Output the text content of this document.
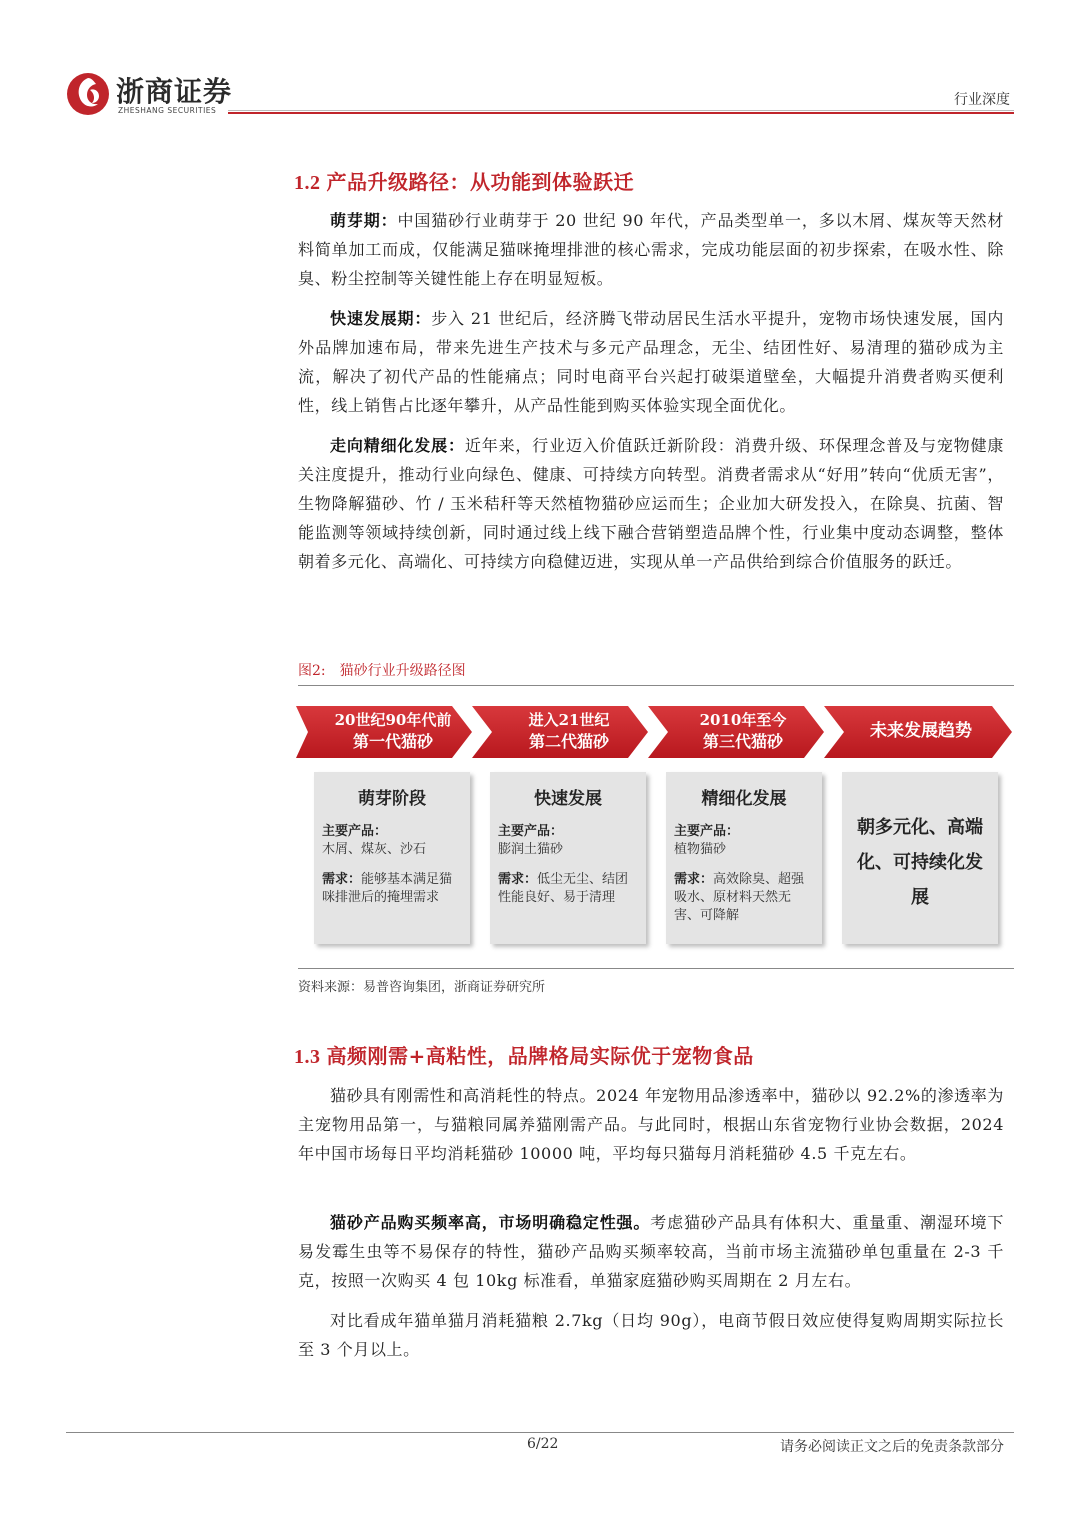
浙商证券
ZHESHANG SECURITIES
行业深度
1.2 产品升级路径：从功能到体验跃迁

萌芽期：中国猫砂行业萌芽于 20 世纪 90 年代，产品类型单一，多以木屑、煤灰等天然材料简单加工而成，仅能满足猫咪掩埋排泄的核心需求，完成功能层面的初步探索，在吸水性、除臭、粉尘控制等关键性能上存在明显短板。

快速发展期：步入 21 世纪后，经济腾飞带动居民生活水平提升，宠物市场快速发展，国内外品牌加速布局，带来先进生产技术与多元产品理念，无尘、结团性好、易清理的猫砂成为主流，解决了初代产品的性能痛点；同时电商平台兴起打破渠道壁垒，大幅提升消费者购买便利性，线上销售占比逐年攀升，从产品性能到购买体验实现全面优化。

走向精细化发展：近年来，行业迈入价值跃迁新阶段：消费升级、环保理念普及与宠物健康关注度提升，推动行业向绿色、健康、可持续方向转型。消费者需求从“好用”转向“优质无害”，生物降解猫砂、竹 / 玉米秸秆等天然植物猫砂应运而生；企业加大研发投入，在除臭、抗菌、智能监测等领域持续创新，同时通过线上线下融合营销塑造品牌个性，行业集中度动态调整，整体朝着多元化、高端化、可持续方向稳健迈进，实现从单一产品供给到综合价值服务的跃迁。

图2:　猫砂行业升级路径图
20世纪90年代前
第一代猫砂
进入21世纪
第二代猫砂
2010年至今
第三代猫砂
未来发展趋势
萌芽阶段
主要产品：
木屑、煤灰、沙石
需求：能够基本满足猫咪排泄后的掩埋需求
快速发展
主要产品：
膨润土猫砂
需求：低尘无尘、结团性能良好、易于清理
精细化发展
主要产品：
植物猫砂
需求：高效除臭、超强吸水、原材料天然无害、可降解
朝多元化、高端化、可持续化发展
资料来源：易普咨询集团，浙商证券研究所
1.3 高频刚需+高粘性，品牌格局实际优于宠物食品

猫砂具有刚需性和高消耗性的特点。2024 年宠物用品渗透率中，猫砂以 92.2%的渗透率为主宠物用品第一，与猫粮同属养猫刚需产品。与此同时，根据山东省宠物行业协会数据，2024 年中国市场每日平均消耗猫砂 10000 吨，平均每只猫每月消耗猫砂 4.5 千克左右。

猫砂产品购买频率高，市场明确稳定性强。考虑猫砂产品具有体积大、重量重、潮湿环境下易发霉生虫等不易保存的特性，猫砂产品购买频率较高，当前市场主流猫砂单包重量在 2-3 千克，按照一次购买 4 包 10kg 标准看，单猫家庭猫砂购买周期在 2 月左右。

对比看成年猫单猫月消耗猫粮 2.7kg（日均 90g），电商节假日效应使得复购周期实际拉长至 3 个月以上。

6/22	请务必阅读正文之后的免责条款部分
